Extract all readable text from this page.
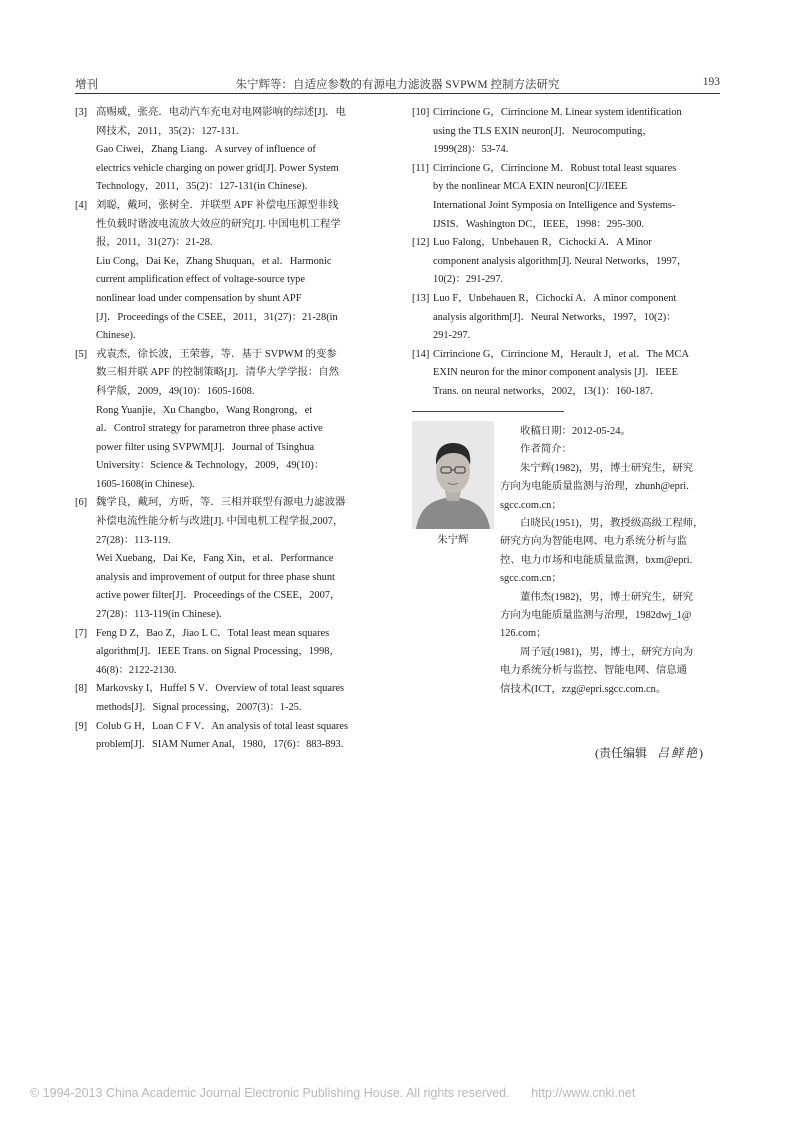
增刊	朱宁辉等：自适应参数的有源电力滤波器 SVPWM 控制方法研究	193
[3] 高赐威，张亮．电动汽车充电对电网影响的综述[J]．电
网技术，2011，35(2)：127-131.
Gao Ciwei，Zhang Liang．A survey of influence of
electrics vehicle charging on power grid[J]. Power System
Technology，2011，35(2)：127-131(in Chinese).
[4] 刘聪，戴珂，张树全．并联型 APF 补偿电压源型非线
性负载时谐波电流放大效应的研究[J]. 中国电机工程学
报，2011，31(27)：21-28.
Liu Cong，Dai Ke，Zhang Shuquan，et al．Harmonic
current amplification effect of voltage-source type
nonlinear load under compensation by shunt APF
[J]．Proceedings of the CSEE，2011，31(27)：21-28(in
Chinese).
[5] 戎袁杰，徐长波，王荣蓉，等．基于 SVPWM 的变参
数三相并联 APF 的控制策略[J]．清华大学学报：自然
科学版，2009，49(10)：1605-1608.
Rong Yuanjie，Xu Changbo，Wang Rongrong，et
al．Control strategy for parametron three phase active
power filter using SVPWM[J]．Journal of Tsinghua
University：Science & Technology，2009，49(10)：
1605-1608(in Chinese).
[6] 魏学良，戴珂，方昕，等．三相并联型有源电力滤波器
补偿电流性能分析与改进[J]. 中国电机工程学报,2007，
27(28)：113-119.
Wei Xuebang，Dai Ke，Fang Xin，et al．Performance
analysis and improvement of output for three phase shunt
active power filter[J]．Proceedings of the CSEE，2007，
27(28)：113-119(in Chinese).
[7] Feng D Z，Bao Z，Jiao L C．Total least mean squares
algorithm[J]．IEEE Trans. on Signal Processing，1998，
46(8)：2122-2130.
[8] Markovsky I，Huffel S V．Overview of total least squares
methods[J]．Signal processing，2007(3)：1-25.
[9] Colub G H，Loan C F V．An analysis of total least squares
problem[J]．SIAM Numer Anal，1980，17(6)：883-893.
[10] Cirrincione G，Cirrincione M. Linear system identification
using the TLS EXIN neuron[J]．Neurocomputing，
1999(28)：53-74.
[11] Cirrincione G，Cirrincione M．Robust total least squares
by the nonlinear MCA EXIN neuron[C]//IEEE
International Joint Symposia on Intelligence and Systems-
IJSIS．Washington DC，IEEE，1998：295-300.
[12] Luo Falong，Unbehauen R，Cichocki A．A Minor
component analysis algorithm[J]. Neural Networks，1997，
10(2)：291-297.
[13] Luo F，Unbehauen R，Cichocki A．A minor component
analysis algorithm[J]．Neural Networks，1997，10(2)：
291-297.
[14] Cirrincione G，Cirrincione M，Herault J，et al．The MCA
EXIN neuron for the minor component analysis [J]．IEEE
Trans. on neural networks，2002，13(1)：160-187.
朱宁辉
收稿日期：2012-05-24。
作者简介：
朱宁辉(1982)，男，博士研究生，研究
方向为电能质量监测与治理，zhunh@epri.
sgcc.com.cn；
白晓民(1951)，男，教授级高级工程师，
研究方向为智能电网、电力系统分析与监
控、电力市场和电能质量监测，bxm@epri.
sgcc.com.cn；
董伟杰(1982)，男，博士研究生，研究
方向为电能质量监测与治理，1982dwj_1@
126.com；
周子冠(1981)，男，博士，研究方向为
电力系统分析与监控、智能电网、信息通
信技术(ICT，zzg@epri.sgcc.com.cn。
(责任编辑 吕鲜艳)
© 1994-2013 China Academic Journal Electronic Publishing House. All rights reserved. http://www.cnki.net
